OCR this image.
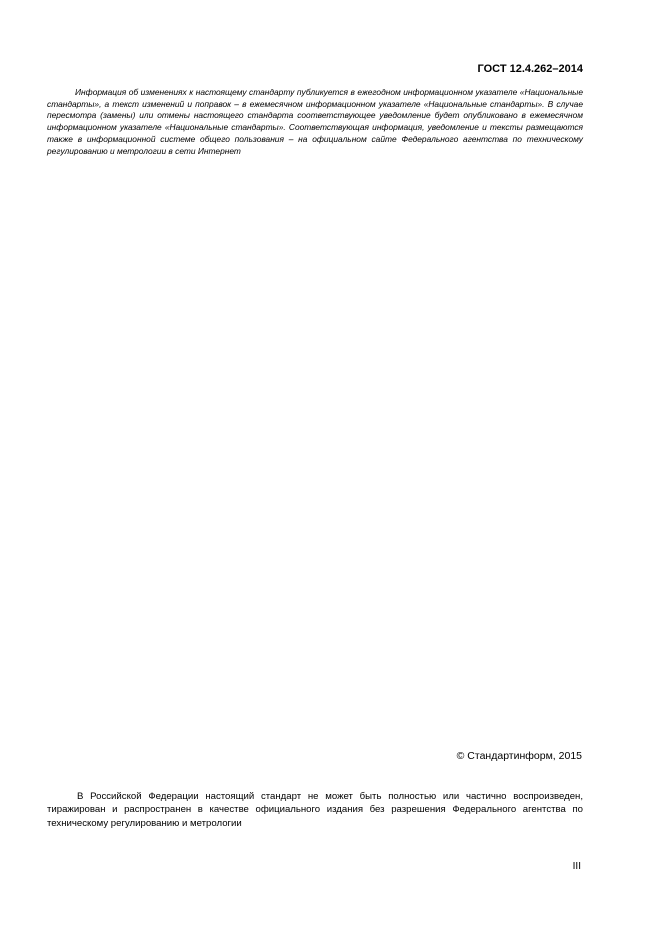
ГОСТ 12.4.262–2014

Информация об изменениях к настоящему стандарту публикуется в ежегодном информационном указателе «Национальные стандарты», а текст изменений и поправок – в ежемесячном информационном указателе «Национальные стандарты». В случае пересмотра (замены) или отмены настоящего стандарта соответствующее уведомление будет опубликовано в ежемесячном информационном указателе «Национальные стандарты». Соответствующая информация, уведомление и тексты размещаются также в информационной системе общего пользования – на официальном сайте Федерального агентства по техническому регулированию и метрологии в сети Интернет

© Стандартинформ, 2015

В Российской Федерации настоящий стандарт не может быть полностью или частично воспроизведен, тиражирован и распространен в качестве официального издания без разрешения Федерального агентства по техническому регулированию и метрологии

III
